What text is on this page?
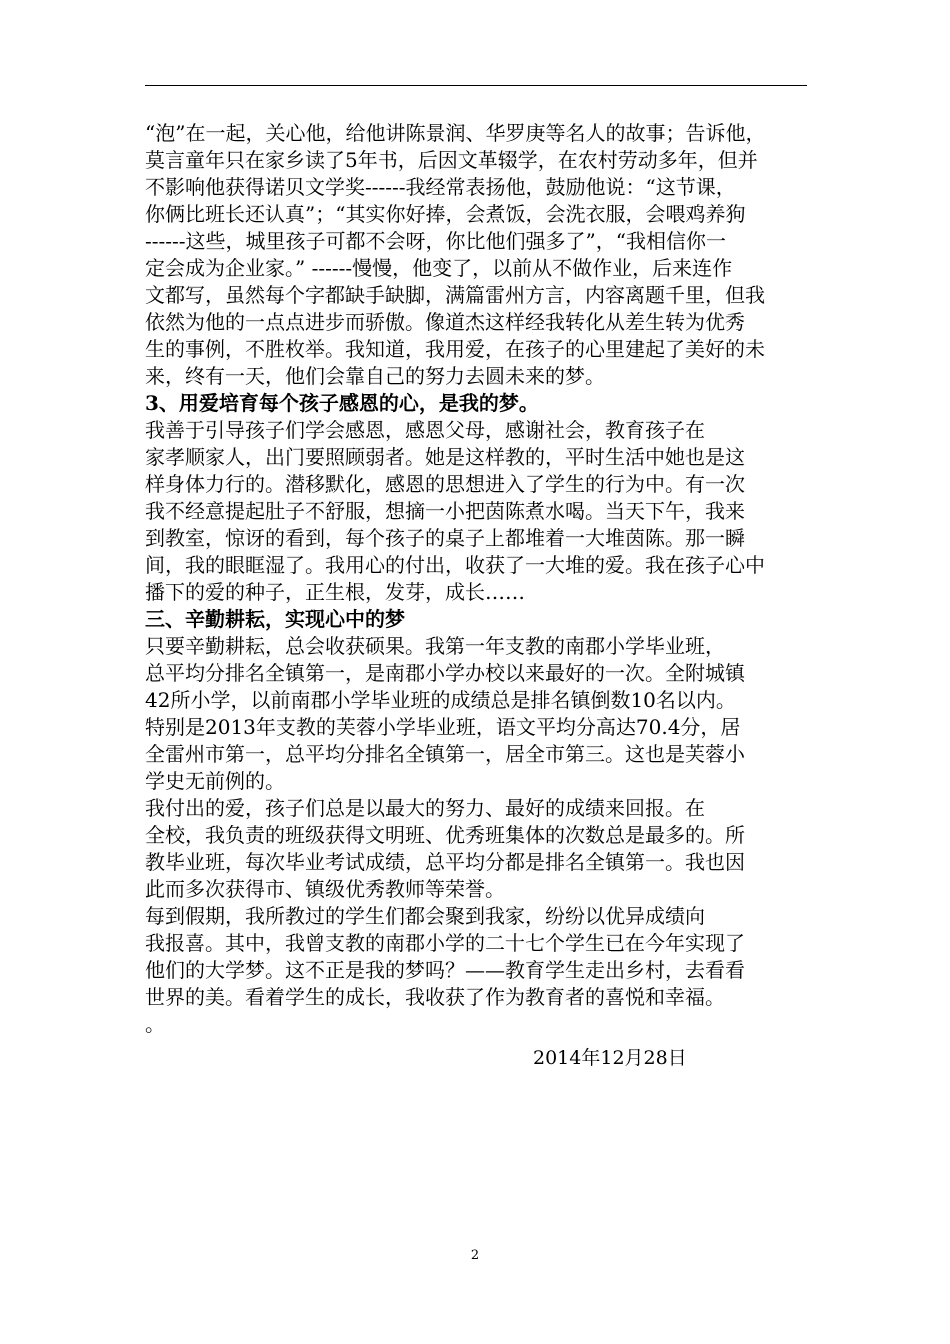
“泡”在一起，关心他，给他讲陈景润、华罗庚等名人的故事；告诉他，
莫言童年只在家乡读了5年书，后因文革辍学，在农村劳动多年，但并
不影响他获得诺贝文学奖------我经常表扬他，鼓励他说：“这节课，
你俩比班长还认真”；“其实你好捧，会煮饭，会洗衣服，会喂鸡养狗
------这些，城里孩子可都不会呀，你比他们强多了”，“我相信你一
定会成为企业家。” ------慢慢，他变了，以前从不做作业，后来连作
文都写，虽然每个字都缺手缺脚，满篇雷州方言，内容离题千里，但我
依然为他的一点点进步而骄傲。像道杰这样经我转化从差生转为优秀
生的事例，不胜枚举。我知道，我用爱，在孩子的心里建起了美好的未
来，终有一天，他们会靠自己的努力去圆未来的梦。
3、用爱培育每个孩子感恩的心，是我的梦。
我善于引导孩子们学会感恩，感恩父母，感谢社会，教育孩子在
家孝顺家人，出门要照顾弱者。她是这样教的，平时生活中她也是这
样身体力行的。潜移默化，感恩的思想进入了学生的行为中。有一次
我不经意提起肚子不舒服，想摘一小把茵陈煮水喝。当天下午，我来
到教室，惊讶的看到，每个孩子的桌子上都堆着一大堆茵陈。那一瞬
间，我的眼眶湿了。我用心的付出，收获了一大堆的爱。我在孩子心中
播下的爱的种子，正生根，发芽，成长……
三、辛勤耕耘，实现心中的梦
只要辛勤耕耘，总会收获硕果。我第一年支教的南郡小学毕业班，
总平均分排名全镇第一，是南郡小学办校以来最好的一次。全附城镇
42所小学，以前南郡小学毕业班的成绩总是排名镇倒数10名以内。
特别是2013年支教的芙蓉小学毕业班，语文平均分高达70.4分，居
全雷州市第一，总平均分排名全镇第一，居全市第三。这也是芙蓉小
学史无前例的。
我付出的爱，孩子们总是以最大的努力、最好的成绩来回报。在
全校，我负责的班级获得文明班、优秀班集体的次数总是最多的。所
教毕业班，每次毕业考试成绩，总平均分都是排名全镇第一。我也因
此而多次获得市、镇级优秀教师等荣誉。
每到假期，我所教过的学生们都会聚到我家，纷纷以优异成绩向
我报喜。其中，我曾支教的南郡小学的二十七个学生已在今年实现了
他们的大学梦。这不正是我的梦吗？——教育学生走出乡村，去看看
世界的美。看着学生的成长，我收获了作为教育者的喜悦和幸福。
。
2014年12月28日
2
